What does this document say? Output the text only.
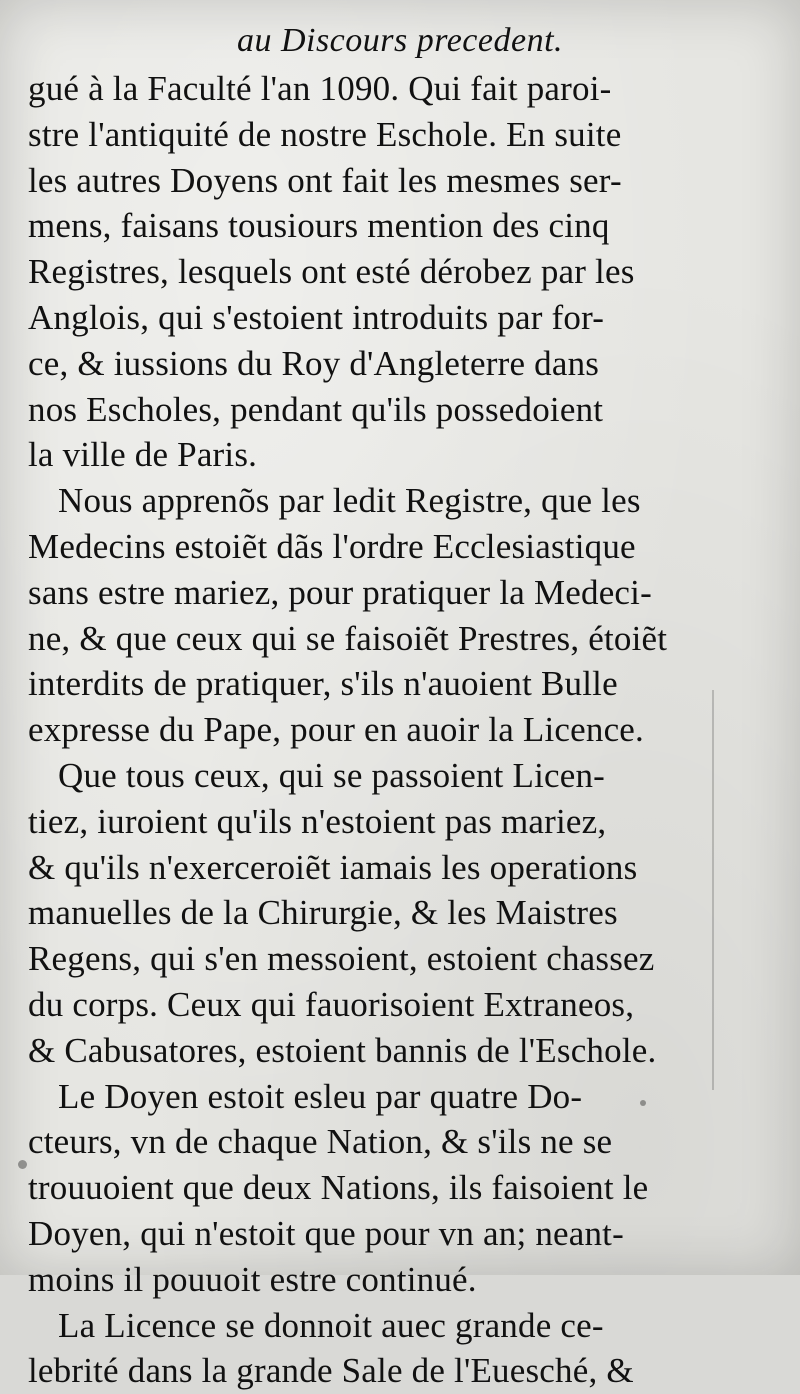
au Discours precedent.
gué à la Faculté l'an 1090. Qui fait paroi-
stre l'antiquité de nostre Eschole. En suite
les autres Doyens ont fait les mesmes ser-
mens, faisans tousiours mention des cinq
Registres, lesquels ont esté dérobez par les
Anglois, qui s'estoient introduits par for-
ce, & iussions du Roy d'Angleterre dans
nos Escholes, pendant qu'ils possedoient
la ville de Paris.
Nous apprenõs par ledit Registre, que les
Medecins estoiẽt dãs l'ordre Ecclesiastique
sans estre mariez, pour pratiquer la Medeci-
ne, & que ceux qui se faisoiẽt Prestres, étoiẽt
interdits de pratiquer, s'ils n'auoient Bulle
expresse du Pape, pour en auoir la Licence.
Que tous ceux, qui se passoient Licen-
tiez, iuroient qu'ils n'estoient pas mariez,
& qu'ils n'exerceroiẽt iamais les operations
manuelles de la Chirurgie, & les Maistres
Regens, qui s'en messoient, estoient chassez
du corps. Ceux qui fauorisoient Extraneos,
& Cabusatores, estoient bannis de l'Eschole.
Le Doyen estoit esleu par quatre Do-
cteurs, vn de chaque Nation, & s'ils ne se
trouuoient que deux Nations, ils faisoient le
Doyen, qui n'estoit que pour vn an; neant-
moins il pouuoit estre continué.
La Licence se donnoit auec grande ce-
lebrité dans la grande Sale de l'Euesché, &
